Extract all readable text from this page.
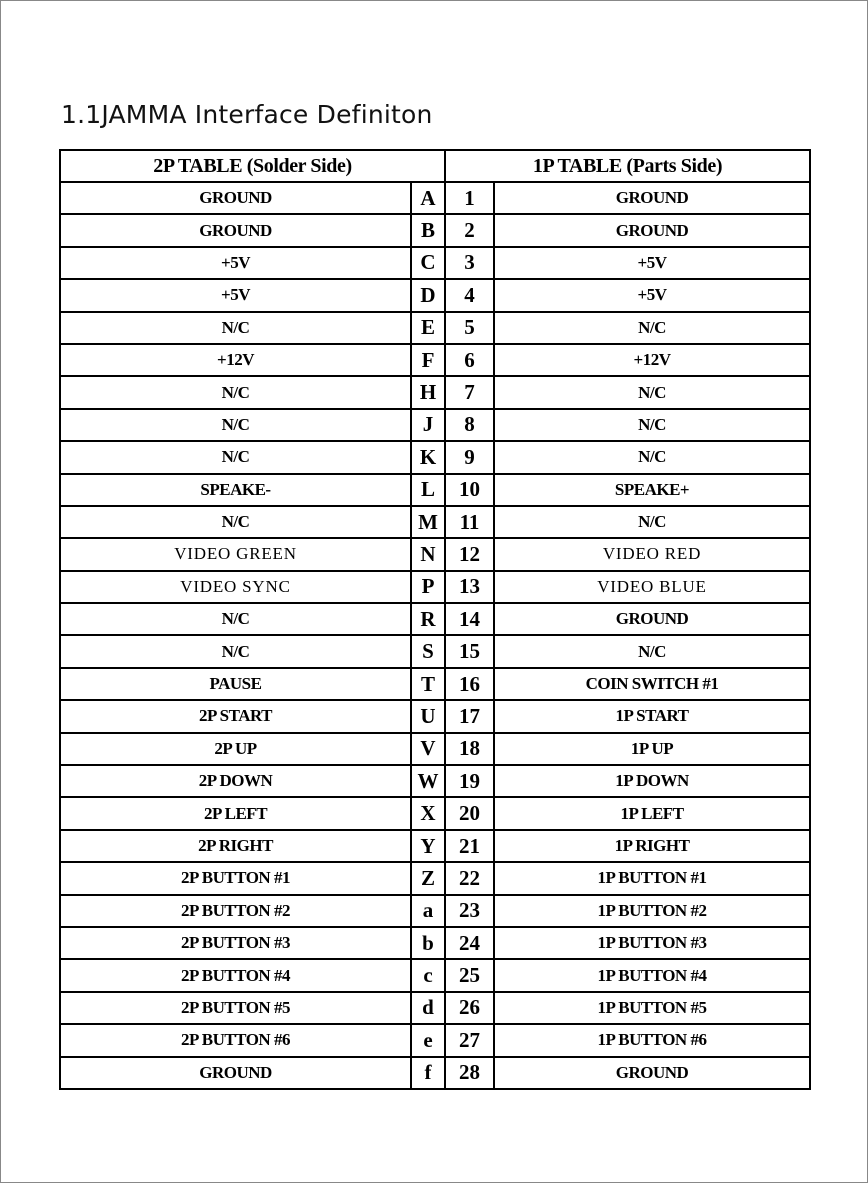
1.1JAMMA Interface Definiton
2P TABLE (Solder Side)		1P TABLE (Parts Side)	
GROUND	A	1	GROUND
GROUND	B	2	GROUND
+5V	C	3	+5V
+5V	D	4	+5V
N/C	E	5	N/C
+12V	F	6	+12V
N/C	H	7	N/C
N/C	J	8	N/C
N/C	K	9	N/C
SPEAKE-	L	10	SPEAKE+
N/C	M	11	N/C
VIDEO GREEN	N	12	VIDEO RED
VIDEO SYNC	P	13	VIDEO BLUE
N/C	R	14	GROUND
N/C	S	15	N/C
PAUSE	T	16	COIN SWITCH #1
2P START	U	17	1P START
2P UP	V	18	1P UP
2P DOWN	W	19	1P DOWN
2P LEFT	X	20	1P LEFT
2P RIGHT	Y	21	1P RIGHT
2P BUTTON #1	Z	22	1P BUTTON #1
2P BUTTON #2	a	23	1P BUTTON #2
2P BUTTON #3	b	24	1P BUTTON #3
2P BUTTON #4	c	25	1P BUTTON #4
2P BUTTON #5	d	26	1P BUTTON #5
2P BUTTON #6	e	27	1P BUTTON #6
GROUND	f	28	GROUND
